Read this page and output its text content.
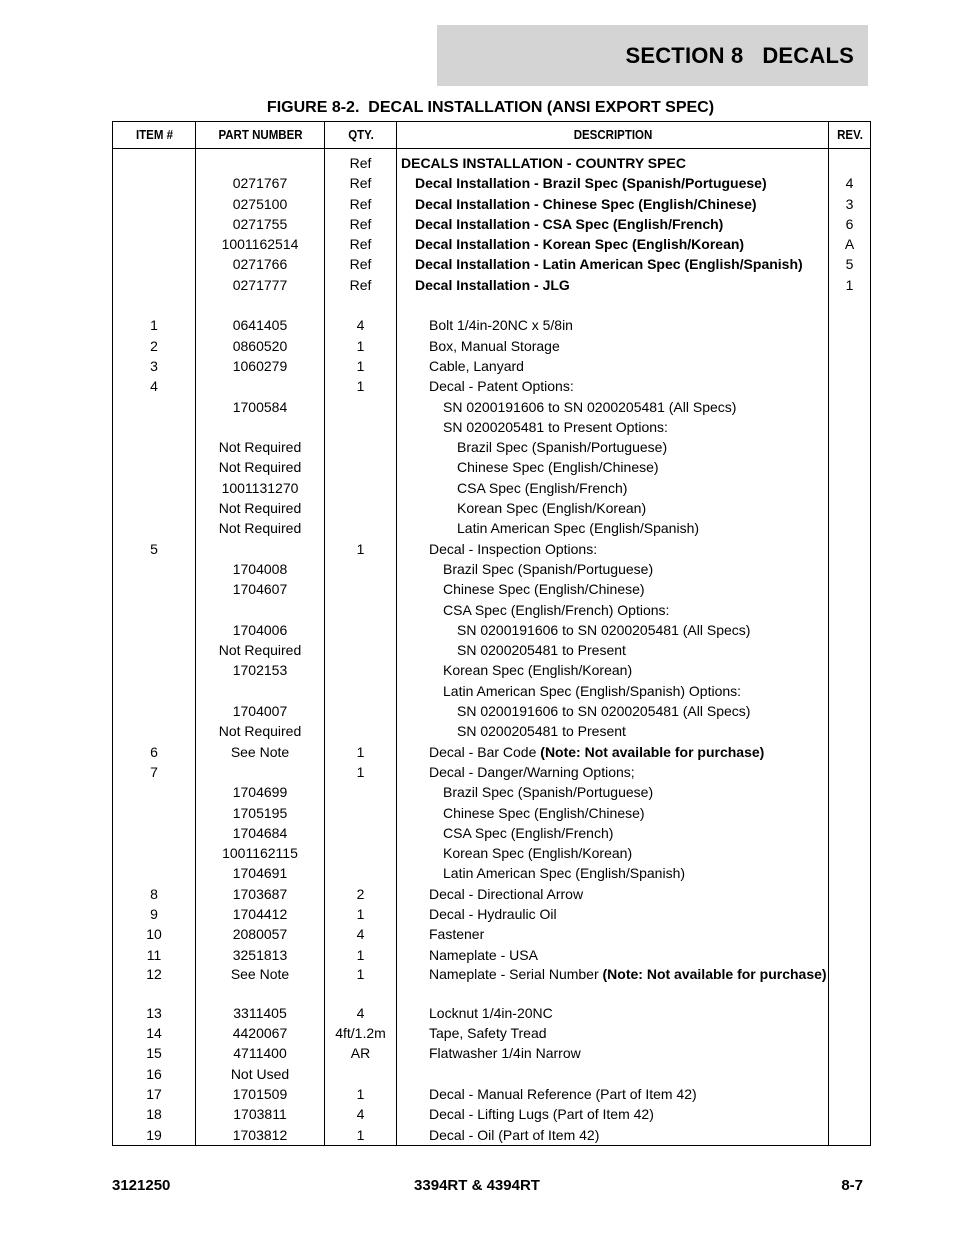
SECTION 8   DECALS
FIGURE 8-2.  DECAL INSTALLATION (ANSI EXPORT SPEC)
ITEM #	PART NUMBER	QTY.	DESCRIPTION	REV.

		Ref	DECALS INSTALLATION - COUNTRY SPEC	
	0271767	Ref	Decal Installation - Brazil Spec (Spanish/Portuguese)	4
	0275100	Ref	Decal Installation - Chinese Spec (English/Chinese)	3
	0271755	Ref	Decal Installation - CSA Spec (English/French)	6
	1001162514	Ref	Decal Installation - Korean Spec (English/Korean)	A
	0271766	Ref	Decal Installation - Latin American Spec (English/Spanish)	5
	0271777	Ref	Decal Installation - JLG	1

1	0641405	4	Bolt 1/4in-20NC x 5/8in	
2	0860520	1	Box, Manual Storage	
3	1060279	1	Cable, Lanyard	
4		1	Decal - Patent Options:	
	1700584		SN 0200191606 to SN 0200205481 (All Specs)	
			SN 0200205481 to Present Options:	
	Not Required		Brazil Spec (Spanish/Portuguese)	
	Not Required		Chinese Spec (English/Chinese)	
	1001131270		CSA Spec (English/French)	
	Not Required		Korean Spec (English/Korean)	
	Not Required		Latin American Spec (English/Spanish)	
5		1	Decal - Inspection Options:	
	1704008		Brazil Spec (Spanish/Portuguese)	
	1704607		Chinese Spec (English/Chinese)	
			CSA Spec (English/French) Options:	
	1704006		SN 0200191606 to SN 0200205481 (All Specs)	
	Not Required		SN 0200205481 to Present	
	1702153		Korean Spec (English/Korean)	
			Latin American Spec (English/Spanish) Options:	
	1704007		SN 0200191606 to SN 0200205481 (All Specs)	
	Not Required		SN 0200205481 to Present	
6	See Note	1	Decal - Bar Code (Note: Not available for purchase)	
7		1	Decal - Danger/Warning Options;	
	1704699		Brazil Spec (Spanish/Portuguese)	
	1705195		Chinese Spec (English/Chinese)	
	1704684		CSA Spec (English/French)	
	1001162115		Korean Spec (English/Korean)	
	1704691		Latin American Spec (English/Spanish)	
8	1703687	2	Decal - Directional Arrow	
9	1704412	1	Decal - Hydraulic Oil	
10	2080057	4	Fastener	
11	3251813	1	Nameplate - USA	
12	See Note	1	Nameplate - Serial Number (Note: Not available for purchase)	
13	3311405	4	Locknut 1/4in-20NC	
14	4420067	4ft/1.2m	Tape, Safety Tread	
15	4711400	AR	Flatwasher 1/4in Narrow	
16	Not Used			
17	1701509	1	Decal - Manual Reference (Part of Item 42)	
18	1703811	4	Decal - Lifting Lugs (Part of Item 42)	
19	1703812	1	Decal - Oil (Part of Item 42)	
3121250	3394RT & 4394RT	8-7
